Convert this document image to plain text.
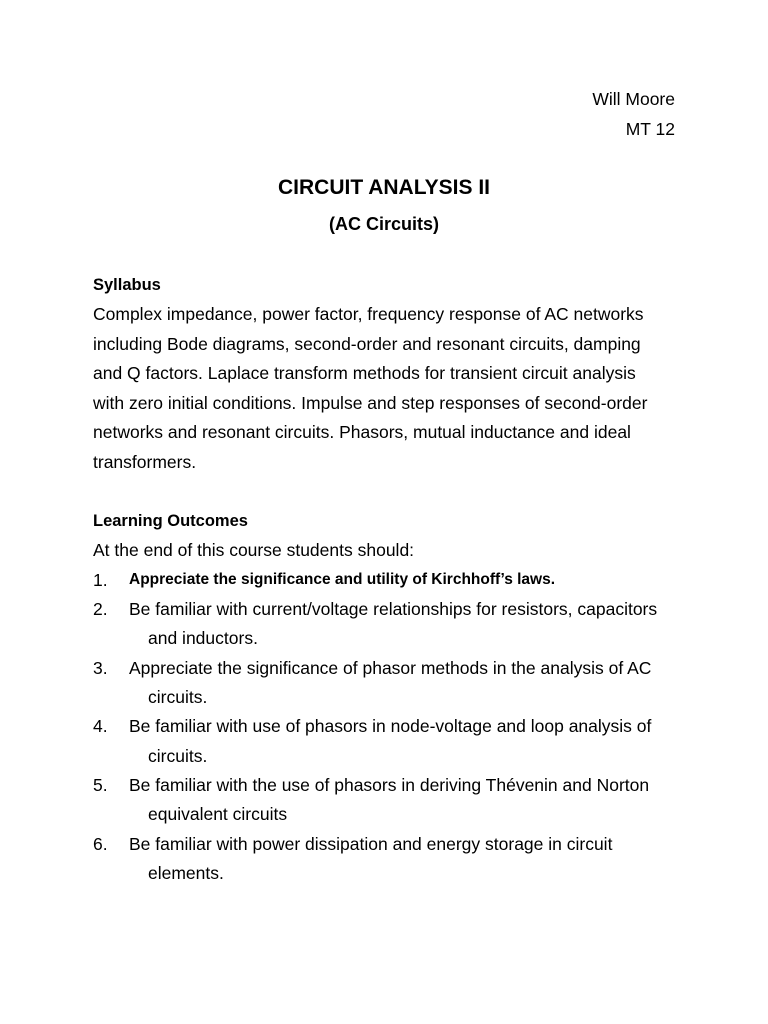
Will Moore
MT 12
CIRCUIT ANALYSIS II
(AC Circuits)
Syllabus
Complex impedance, power factor, frequency response of AC networks
including Bode diagrams, second-order and resonant circuits, damping
and Q factors. Laplace transform methods for transient circuit analysis
with zero initial conditions. Impulse and step responses of second-order
networks and resonant circuits. Phasors, mutual inductance and ideal
transformers.
Learning Outcomes
At the end of this course students should:
1. Appreciate the significance and utility of Kirchhoff’s laws.
2. Be familiar with current/voltage relationships for resistors, capacitors
and inductors.
3. Appreciate the significance of phasor methods in the analysis of AC
circuits.
4. Be familiar with use of phasors in node-voltage and loop analysis of
circuits.
5. Be familiar with the use of phasors in deriving Thévenin and Norton
equivalent circuits
6. Be familiar with power dissipation and energy storage in circuit
elements.
